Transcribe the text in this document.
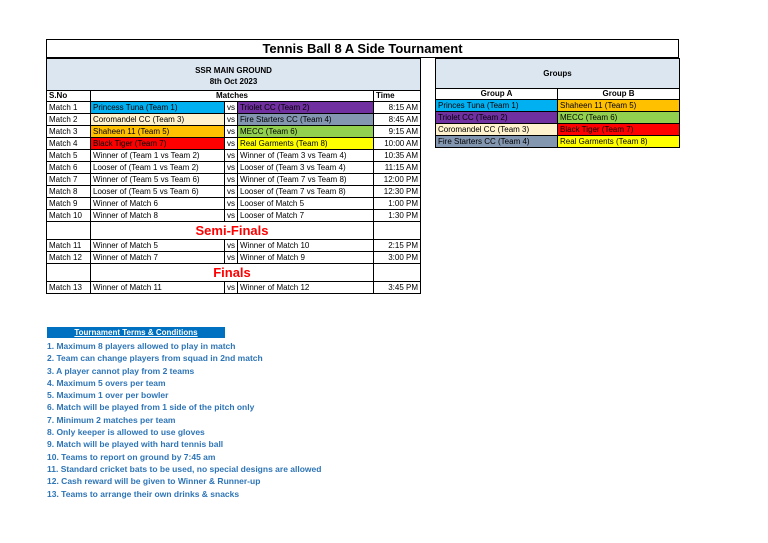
Tennis Ball 8 A Side Tournament
SSR MAIN GROUND
8th Oct 2023				

S.No	Matches			Time
Match 1	Princess Tuna (Team 1)	vs	Triolet CC (Team 2)	8:15 AM
Match 2	Coromandel CC (Team 3)	vs	Fire Starters CC (Team 4)	8:45 AM
Match 3	Shaheen 11 (Team 5)	vs	MECC (Team 6)	9:15 AM
Match 4	Black Tiger (Team 7)	vs	Real Garments (Team 8)	10:00 AM
Match 5	Winner of (Team 1 vs Team 2)	vs	Winner of (Team 3 vs Team 4)	10:35 AM
Match 6	Looser of (Team 1 vs Team 2)	vs	Looser of (Team 3 vs Team 4)	11:15 AM
Match 7	Winner of (Team 5 vs Team 6)	vs	Winner of (Team 7 vs Team 8)	12:00 PM
Match 8	Looser of (Team 5 vs Team 6)	vs	Looser of (Team 7 vs Team 8)	12:30 PM
Match 9	Winner of Match 6	vs	Looser of Match 5	1:00 PM
Match 10	Winner of Match 8	vs	Looser of Match 7	1:30 PM
	Semi-Finals			
Match 11	Winner of Match 5	vs	Winner of Match 10	2:15 PM
Match 12	Winner of Match 7	vs	Winner of Match 9	3:00 PM
	Finals			
Match 13	Winner of Match 11	vs	Winner of Match 12	3:45 PM
Groups	
Group A	Group B
Princes Tuna (Team 1)	Shaheen 11 (Team 5)
Triolet CC (Team 2)	MECC (Team 6)
Coromandel CC (Team 3)	Black Tiger (Team 7)
Fire Starters CC (Team 4)	Real Garments (Team 8)
Tournament Terms & Conditions
1. Maximum 8 players allowed to play in match
2. Team can change players from squad in 2nd match
3. A player cannot play from 2 teams
4. Maximum 5 overs per team
5. Maximum 1 over per bowler
6. Match will be played from 1 side of the pitch only
7. Minimum 2 matches per team
8. Only keeper is allowed to use gloves
9. Match will be played with hard tennis ball
10. Teams to report on ground by 7:45 am
11. Standard cricket bats to be used, no special designs are allowed
12. Cash reward will be given to Winner & Runner-up
13. Teams to arrange their own drinks & snacks
